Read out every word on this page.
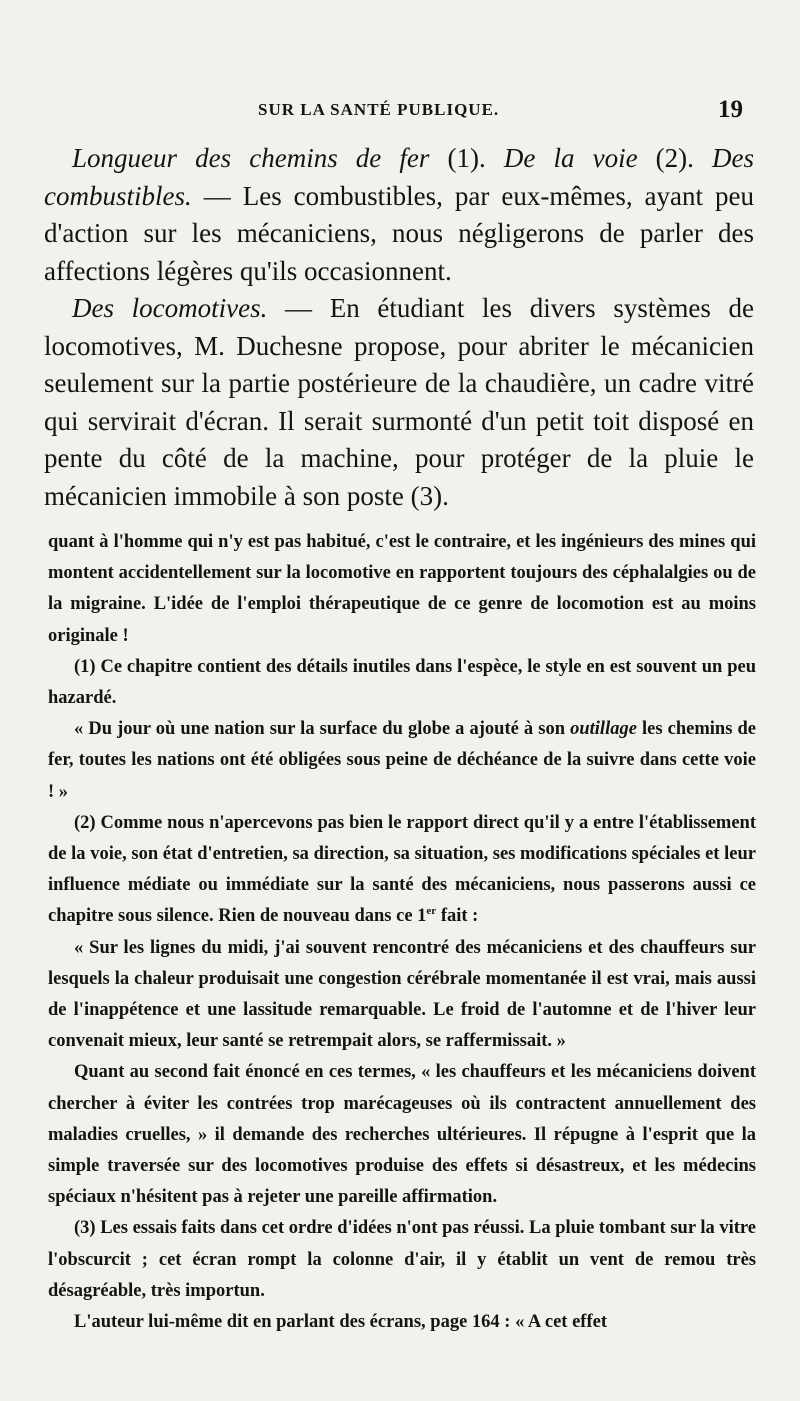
SUR LA SANTÉ PUBLIQUE.	19

Longueur des chemins de fer (1). De la voie (2). Des combustibles. — Les combustibles, par eux-mêmes, ayant peu d'action sur les mécaniciens, nous négligerons de parler des affections légères qu'ils occasionnent.

Des locomotives. — En étudiant les divers systèmes de locomotives, M. Duchesne propose, pour abriter le mécanicien seulement sur la partie postérieure de la chaudière, un cadre vitré qui servirait d'écran. Il serait surmonté d'un petit toit disposé en pente du côté de la machine, pour protéger de la pluie le mécanicien immobile à son poste (3).

quant à l'homme qui n'y est pas habitué, c'est le contraire, et les ingénieurs des mines qui montent accidentellement sur la locomotive en rapportent toujours des céphalalgies ou de la migraine. L'idée de l'emploi thérapeutique de ce genre de locomotion est au moins originale !

(1) Ce chapitre contient des détails inutiles dans l'espèce, le style en est souvent un peu hazardé.

« Du jour où une nation sur la surface du globe a ajouté à son outillage les chemins de fer, toutes les nations ont été obligées sous peine de déchéance de la suivre dans cette voie ! »

(2) Comme nous n'apercevons pas bien le rapport direct qu'il y a entre l'établissement de la voie, son état d'entretien, sa direction, sa situation, ses modifications spéciales et leur influence médiate ou immédiate sur la santé des mécaniciens, nous passerons aussi ce chapitre sous silence. Rien de nouveau dans ce 1er fait :

« Sur les lignes du midi, j'ai souvent rencontré des mécaniciens et des chauffeurs sur lesquels la chaleur produisait une congestion cérébrale momentanée il est vrai, mais aussi de l'inappétence et une lassitude remarquable. Le froid de l'automne et de l'hiver leur convenait mieux, leur santé se retrempait alors, se raffermissait. »

Quant au second fait énoncé en ces termes, « les chauffeurs et les mécaniciens doivent chercher à éviter les contrées trop marécageuses où ils contractent annuellement des maladies cruelles, » il demande des recherches ultérieures. Il répugne à l'esprit que la simple traversée sur des locomotives produise des effets si désastreux, et les médecins spéciaux n'hésitent pas à rejeter une pareille affirmation.

(3) Les essais faits dans cet ordre d'idées n'ont pas réussi. La pluie tombant sur la vitre l'obscurcit ; cet écran rompt la colonne d'air, il y établit un vent de remou très désagréable, très importun.

L'auteur lui-même dit en parlant des écrans, page 164 : « A cet effet
